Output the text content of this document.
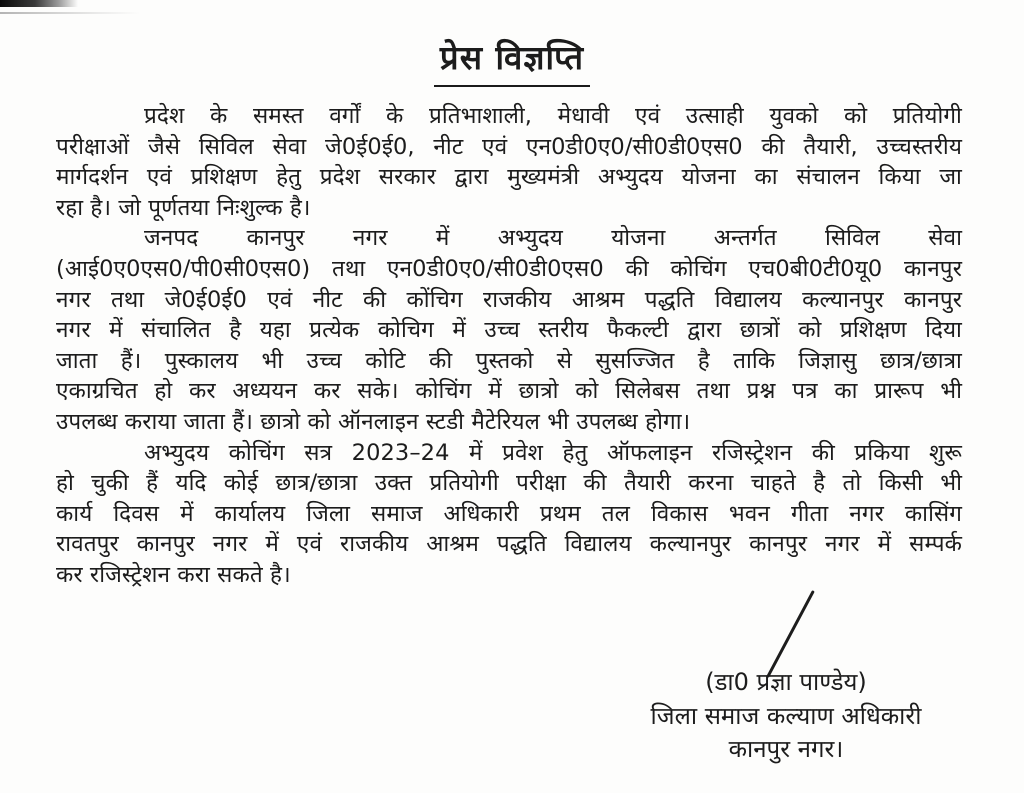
प्रेस विज्ञप्ति
प्रदेश के समस्त वर्गों के प्रतिभाशाली, मेधावी एवं उत्साही युवको को प्रतियोगी
परीक्षाओं जैसे सिविल सेवा जे0ई0ई0, नीट एवं एन0डी0ए0/सी0डी0एस0 की तैयारी, उच्चस्तरीय
मार्गदर्शन एवं प्रशिक्षण हेतु प्रदेश सरकार द्वारा मुख्यमंत्री अभ्युदय योजना का संचालन किया जा
रहा है। जो पूर्णतया निःशुल्क है।
जनपद कानपुर नगर में अभ्युदय योजना अन्तर्गत सिविल सेवा
(आई0ए0एस0/पी0सी0एस0) तथा एन0डी0ए0/सी0डी0एस0 की कोचिंग एच0बी0टी0यू0 कानपुर
नगर तथा जे0ई0ई0 एवं नीट की कोंचिग राजकीय आश्रम पद्धति विद्यालय कल्यानपुर कानपुर
नगर में संचालित है यहा प्रत्येक कोचिग में उच्च स्तरीय फैकल्टी द्वारा छात्रों को प्रशिक्षण दिया
जाता हैं। पुस्कालय भी उच्च कोटि की पुस्तको से सुसज्जित है ताकि जिज्ञासु छात्र/छात्रा
एकाग्रचित हो कर अध्ययन कर सके। कोचिंग में छात्रो को सिलेबस तथा प्रश्न पत्र का प्रारूप भी
उपलब्ध कराया जाता हैं। छात्रो को ऑनलाइन स्टडी मैटेरियल भी उपलब्ध होगा।
अभ्युदय कोचिंग सत्र 2023–24 में प्रवेश हेतु ऑफलाइन रजिस्ट्रेशन की प्रकिया शुरू
हो चुकी हैं यदि कोई छात्र/छात्रा उक्त प्रतियोगी परीक्षा की तैयारी करना चाहते है तो किसी भी
कार्य दिवस में कार्यालय जिला समाज अधिकारी प्रथम तल विकास भवन गीता नगर कासिंग
रावतपुर कानपुर नगर में एवं राजकीय आश्रम पद्धति विद्यालय कल्यानपुर कानपुर नगर में सम्पर्क
कर रजिस्ट्रेशन करा सकते है।
(डा0 प्रज्ञा पाण्डेय)
जिला समाज कल्याण अधिकारी
कानपुर नगर।
